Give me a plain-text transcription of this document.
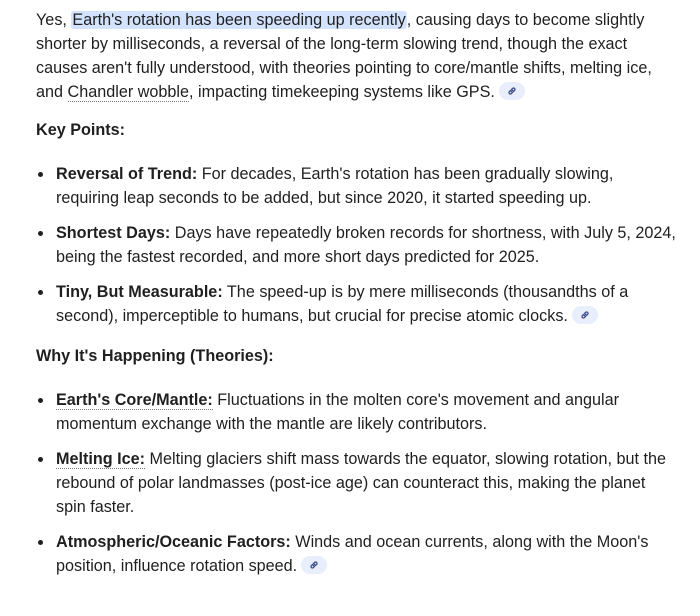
Yes, Earth's rotation has been speeding up recently, causing days to become slightly shorter by milliseconds, a reversal of the long-term slowing trend, though the exact causes aren't fully understood, with theories pointing to core/mantle shifts, melting ice, and Chandler wobble, impacting timekeeping systems like GPS.

Key Points:

Reversal of Trend: For decades, Earth's rotation has been gradually slowing, requiring leap seconds to be added, but since 2020, it started speeding up.
Shortest Days: Days have repeatedly broken records for shortness, with July 5, 2024, being the fastest recorded, and more short days predicted for 2025.
Tiny, But Measurable: The speed-up is by mere milliseconds (thousandths of a second), imperceptible to humans, but crucial for precise atomic clocks.

Why It's Happening (Theories):

Earth's Core/Mantle: Fluctuations in the molten core's movement and angular momentum exchange with the mantle are likely contributors.
Melting Ice: Melting glaciers shift mass towards the equator, slowing rotation, but the rebound of polar landmasses (post-ice age) can counteract this, making the planet spin faster.
Atmospheric/Oceanic Factors: Winds and ocean currents, along with the Moon's position, influence rotation speed.
